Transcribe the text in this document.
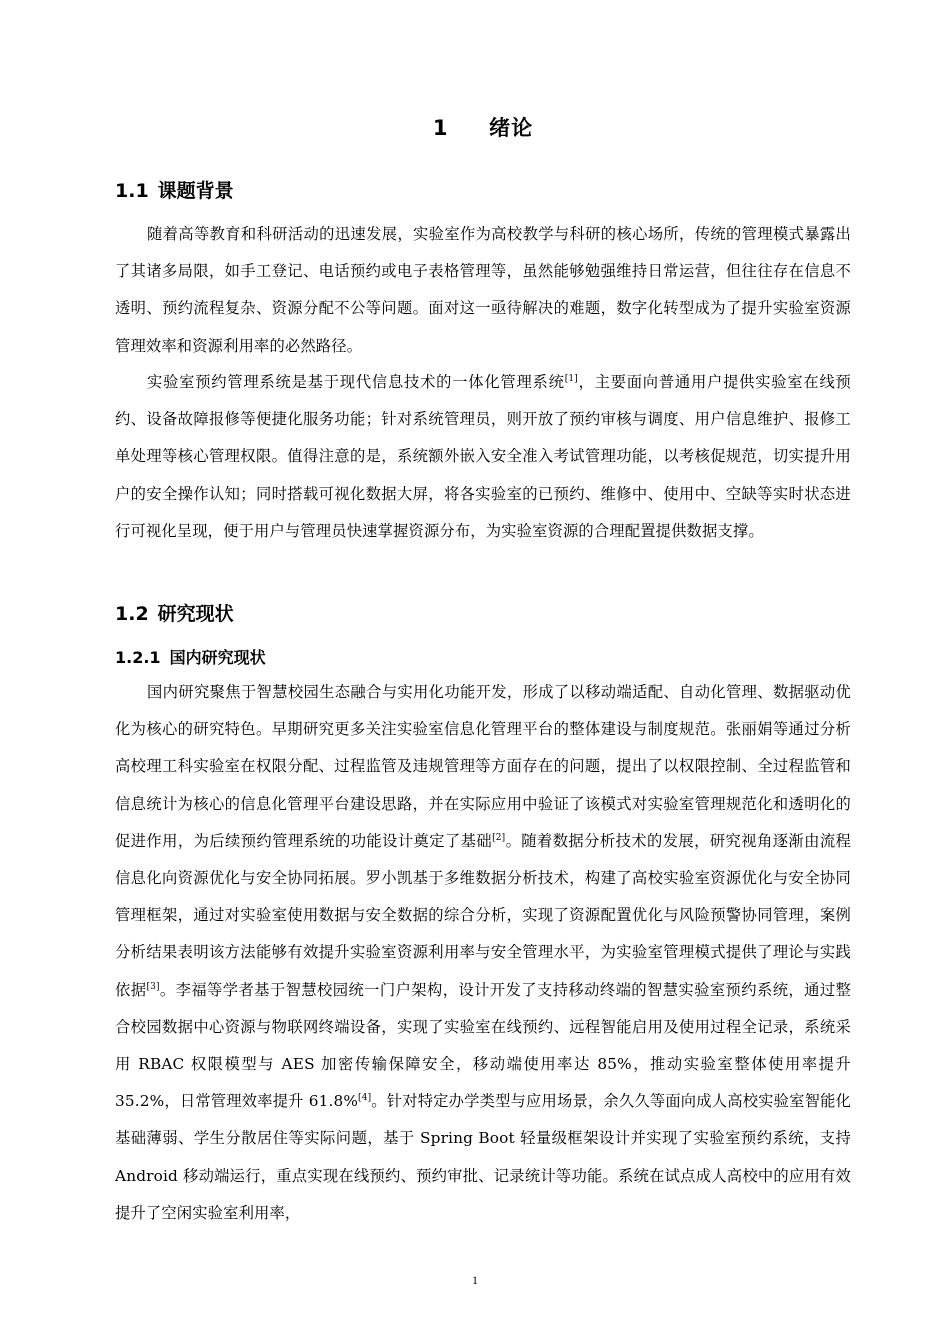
1 绪论
1.1 课题背景

随着高等教育和科研活动的迅速发展，实验室作为高校教学与科研的核心场所，传统的管理模式暴露出了其诸多局限，如手工登记、电话预约或电子表格管理等，虽然能够勉强维持日常运营，但往往存在信息不透明、预约流程复杂、资源分配不公等问题。面对这一亟待解决的难题，数字化转型成为了提升实验室资源管理效率和资源利用率的必然路径。

实验室预约管理系统是基于现代信息技术的一体化管理系统[1]，主要面向普通用户提供实验室在线预约、设备故障报修等便捷化服务功能；针对系统管理员，则开放了预约审核与调度、用户信息维护、报修工单处理等核心管理权限。值得注意的是，系统额外嵌入安全准入考试管理功能，以考核促规范，切实提升用户的安全操作认知；同时搭载可视化数据大屏，将各实验室的已预约、维修中、使用中、空缺等实时状态进行可视化呈现，便于用户与管理员快速掌握资源分布，为实验室资源的合理配置提供数据支撑。

1.2 研究现状
1.2.1 国内研究现状

国内研究聚焦于智慧校园生态融合与实用化功能开发，形成了以移动端适配、自动化管理、数据驱动优化为核心的研究特色。早期研究更多关注实验室信息化管理平台的整体建设与制度规范。张丽娟等通过分析高校理工科实验室在权限分配、过程监管及违规管理等方面存在的问题，提出了以权限控制、全过程监管和信息统计为核心的信息化管理平台建设思路，并在实际应用中验证了该模式对实验室管理规范化和透明化的促进作用，为后续预约管理系统的功能设计奠定了基础[2]。随着数据分析技术的发展，研究视角逐渐由流程信息化向资源优化与安全协同拓展。罗小凯基于多维数据分析技术，构建了高校实验室资源优化与安全协同管理框架，通过对实验室使用数据与安全数据的综合分析，实现了资源配置优化与风险预警协同管理，案例分析结果表明该方法能够有效提升实验室资源利用率与安全管理水平，为实验室管理模式提供了理论与实践依据[3]。李福等学者基于智慧校园统一门户架构，设计开发了支持移动终端的智慧实验室预约系统，通过整合校园数据中心资源与物联网终端设备，实现了实验室在线预约、远程智能启用及使用过程全记录，系统采用 RBAC 权限模型与 AES 加密传输保障安全，移动端使用率达 85%，推动实验室整体使用率提升 35.2%，日常管理效率提升 61.8%[4]。针对特定办学类型与应用场景，余久久等面向成人高校实验室智能化基础薄弱、学生分散居住等实际问题，基于 Spring Boot 轻量级框架设计并实现了实验室预约系统，支持 Android 移动端运行，重点实现在线预约、预约审批、记录统计等功能。系统在试点成人高校中的应用有效提升了空闲实验室利用率，

1
